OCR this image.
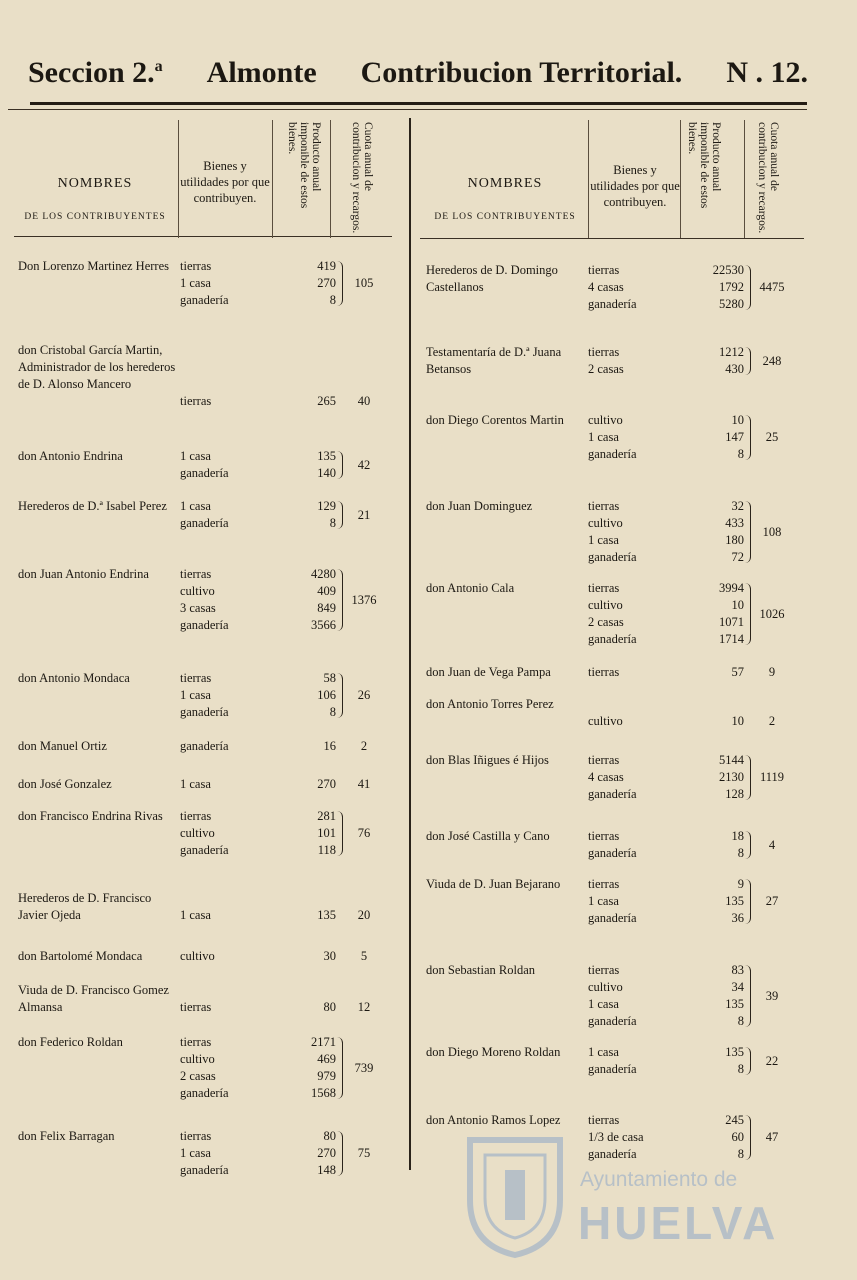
Seccion 2.$^a$ Almonte Contribucion Territorial. N . 12.
NOMBRES
DE LOS CONTRIBUYENTES
Bienes y utilidades por que contribuyen.
Producto anual imponible de estos bienes.	Cuota anual de contribucion y recargos.	NOMBRES
DE LOS CONTRIBUYENTES
Bienes y utilidades por que contribuyen.
Producto anual imponible de estos bienes.	Cuota anual de contribucion y recargos.
Don Lorenzo Martinez Herres tierras	419
1 casa	270
ganadería	8
105
don Cristobal García Martin, Administrador de los herederos de D. Alonso Mancero
tierras	265	40
don Antonio Endrina	1 casa	135
ganadería	140
42
Herederos de D.ª Isabel Perez	1 casa	129
ganadería	8
21
don Juan Antonio Endrina	tierras	4280
cultivo	409
3 casas	849
ganadería	3566
1376
don Antonio Mondaca	tierras	58
1 casa	106
ganadería	8
26
don Manuel Ortiz	ganadería	16	2
don José Gonzalez	1 casa	270	41
don Francisco Endrina Rivas	tierras	281
cultivo	101
ganadería	118
76
Herederos de D. Francisco Javier Ojeda	1 casa	135	20
don Bartolomé Mondaca	cultivo	30	5
Viuda de D. Francisco Gomez Almansa	tierras	80	12
don Federico Roldan	tierras	2171
cultivo	469
2 casas	979
ganadería	1568
739
don Felix Barragan	tierras	80
1 casa	270
ganadería	148
75
Herederos de D. Domingo Castellanos
tierras	22530
4 casas	1792
ganadería	5280
4475
Testamentaría de D.ª Juana Betansos
tierras	1212
2 casas	430
248
don Diego Corentos Martin	cultivo	10
1 casa	147
ganadería	8
25
don Juan Dominguez	tierras	32
cultivo	433
1 casa	180
ganadería	72
108
don Antonio Cala	tierras	3994
cultivo	10
2 casas	1071
ganadería	1714
1026
don Juan de Vega Pampa	tierras	57	9
don Antonio Torres Perez
cultivo	10	2
don Blas Iñigues é Hijos	tierras	5144
4 casas	2130
ganadería	128
1119
don José Castilla y Cano	tierras	18
ganadería	8
4
Viuda de D. Juan Bejarano	tierras	9
1 casa	135
ganadería	36
27
don Sebastian Roldan	tierras	83
cultivo	34
1 casa	135
ganadería	8
39
don Diego Moreno Roldan	1 casa	135
ganadería	8
22
don Antonio Ramos Lopez	tierras	245
1/3 de casa	60
ganadería	8
47
Ayuntamiento de
HUELVA
